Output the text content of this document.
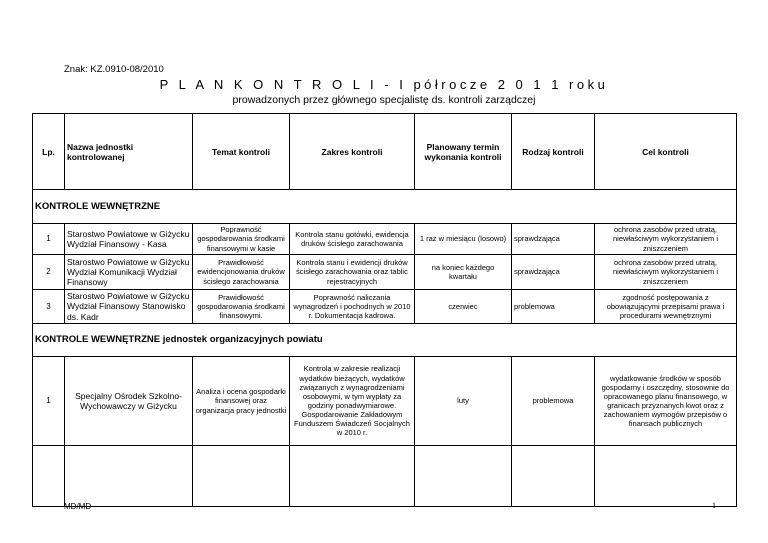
Znak: KZ.0910-08/2010
P L A N K O N T R O L I - I półrocze 2 0 1 1 roku
prowadzonych przez głównego specjalistę ds. kontroli zarządczej
Lp.	Nazwa jednostki kontrolowanej	Temat kontroli	Zakres kontroli	Planowany termin wykonania kontroli	Rodzaj kontroli	Cel kontroli
KONTROLE WEWNĘTRZNE						
1	Starostwo Powiatowe w Giżycku Wydział Finansowy - Kasa	Poprawność gospodarowania środkami finansowymi w kasie	Kontrola stanu gotówki, ewidencja druków ścisłego zarachowania	1 raz w miesiącu (losowo)	sprawdzająca	ochrona zasobów przed utratą, niewłaściwym wykorzystaniem i zniszczeniem
2	Starostwo Powiatowe w Giżycku Wydział Komunikacji Wydział Finansowy	Prawidłowość ewidencjonowania druków ścisłego zarachowania	Kontrola stanu i ewidencji druków ścisłego zarachowania oraz tablic rejestracyjnych	na koniec każdego kwartału	sprawdzająca	ochrona zasobów przed utratą, niewłaściwym wykorzystaniem i zniszczeniem
3	Starostwo Powiatowe w Giżycku Wydział Finansowy Stanowisko ds. Kadr	Prawidłowość gospodarowania środkami finansowymi.	Poprawność naliczania wynagrodzeń i pochodnych w 2010 r. Dokumentacja kadrowa.	czerwiec	problemowa	zgodność postępowania z obowiązującymi przepisami prawa i procedurami wewnętrznymi
KONTROLE WEWNĘTRZNE jednostek organizacyjnych powiatu						
1	Specjalny Ośrodek Szkolno-Wychowawczy w Giżycku	Analiza i ocena gospodarki finansowej oraz organizacja pracy jednostki	Kontrola w zakresie realizacji wydatków bieżących, wydatków związanych z wynagrodzeniami osobowymi, w tym wypłaty za godziny ponadwymiarowe. Gospodarowanie Zakładowym Funduszem Świadczeń Socjalnych w 2010 r.	luty	problemowa	wydatkowanie środków w sposób gospodarny i oszczędny, stosownie do opracowanego planu finansowego, w granicach przyznanych kwot oraz z zachowaniem wymogów przepisów o finansach publicznych

MD/MD	1
